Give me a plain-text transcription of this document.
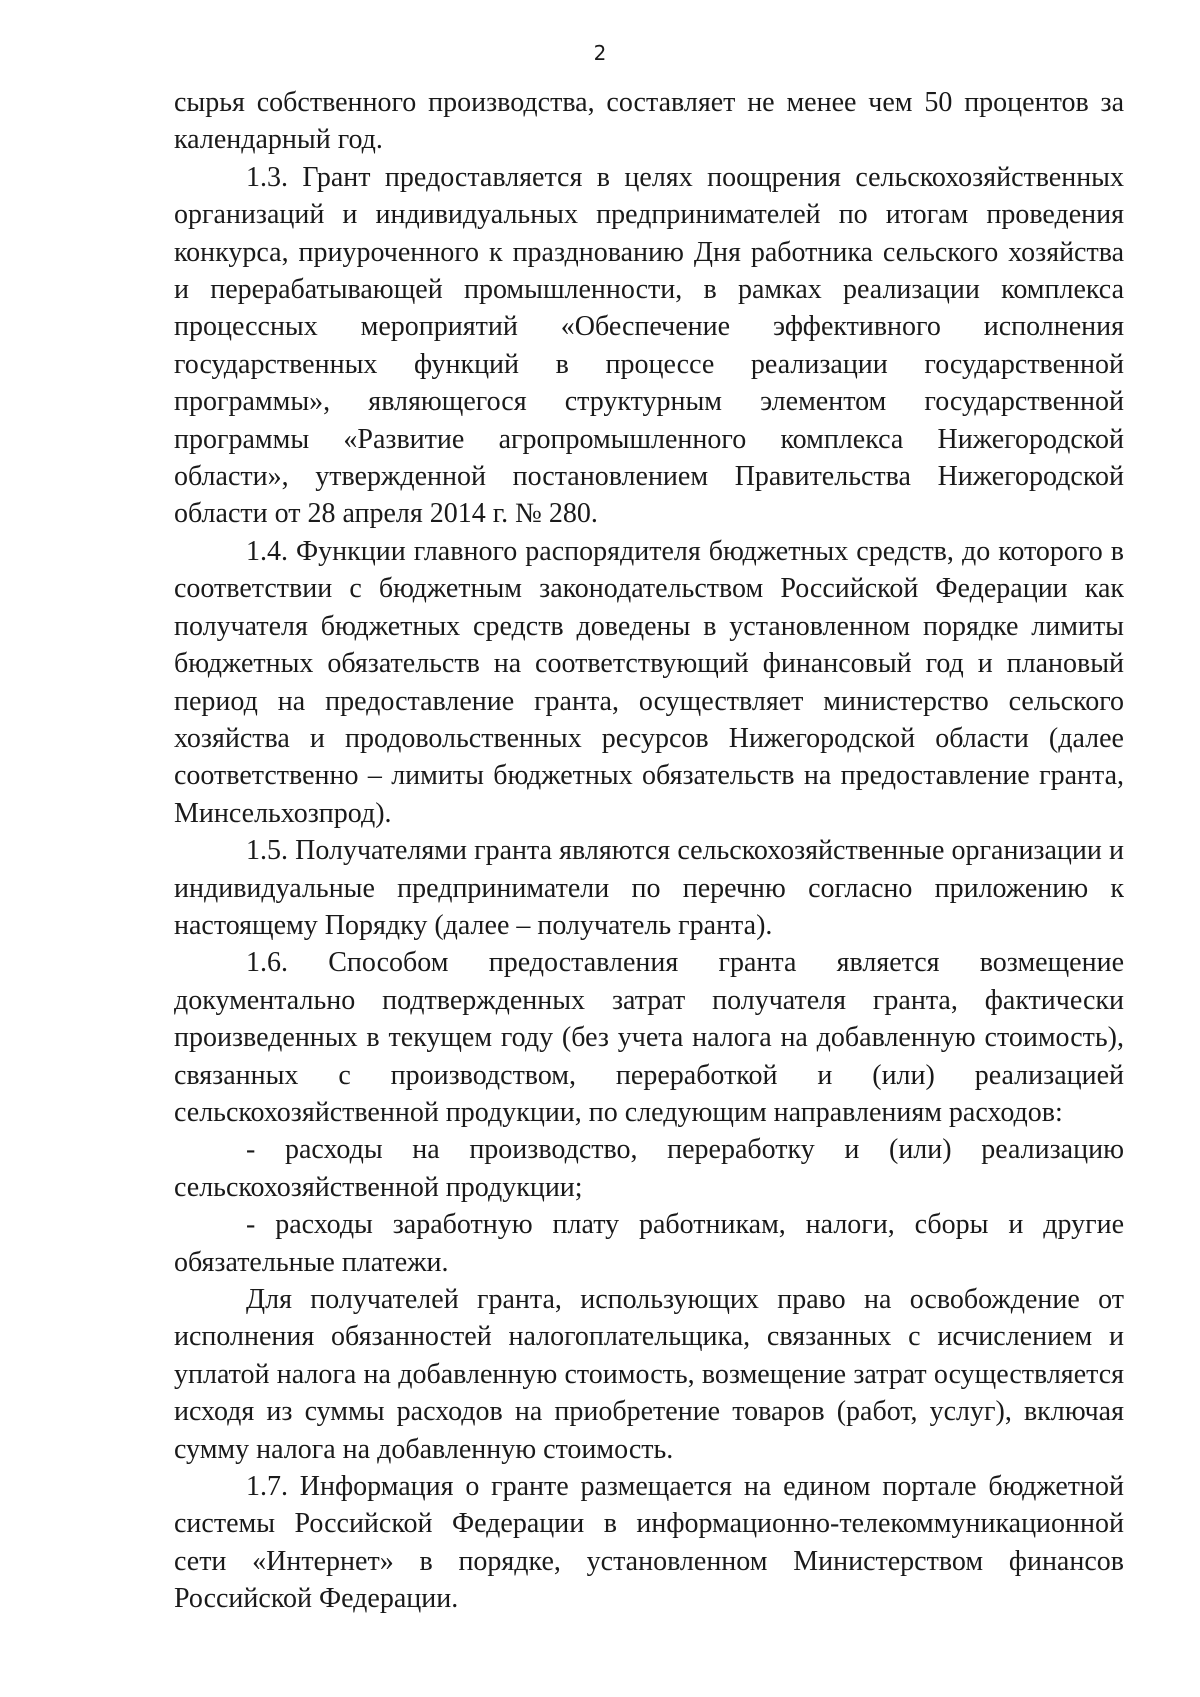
2

сырья собственного производства, составляет не менее чем 50 процентов за календарный год.

1.3. Грант предоставляется в целях поощрения сельскохозяйственных организаций и индивидуальных предпринимателей по итогам проведения конкурса, приуроченного к празднованию Дня работника сельского хозяйства и перерабатывающей промышленности, в рамках реализации комплекса процессных мероприятий «Обеспечение эффективного исполнения государственных функций в процессе реализации государственной программы», являющегося структурным элементом государственной программы «Развитие агропромышленного комплекса Нижегородской области», утвержденной постановлением Правительства Нижегородской области от 28 апреля 2014 г. № 280.

1.4. Функции главного распорядителя бюджетных средств, до которого в соответствии с бюджетным законодательством Российской Федерации как получателя бюджетных средств доведены в установленном порядке лимиты бюджетных обязательств на соответствующий финансовый год и плановый период на предоставление гранта, осуществляет министерство сельского хозяйства и продовольственных ресурсов Нижегородской области (далее соответственно – лимиты бюджетных обязательств на предоставление гранта, Минсельхозпрод).

1.5. Получателями гранта являются сельскохозяйственные организации и индивидуальные предприниматели по перечню согласно приложению к настоящему Порядку (далее – получатель гранта).

1.6. Способом предоставления гранта является возмещение документально подтвержденных затрат получателя гранта, фактически произведенных в текущем году (без учета налога на добавленную стоимость), связанных с производством, переработкой и (или) реализацией сельскохозяйственной продукции, по следующим направлениям расходов:

- расходы на производство, переработку и (или) реализацию сельскохозяйственной продукции;

- расходы заработную плату работникам, налоги, сборы и другие обязательные платежи.

Для получателей гранта, использующих право на освобождение от исполнения обязанностей налогоплательщика, связанных с исчислением и уплатой налога на добавленную стоимость, возмещение затрат осуществляется исходя из суммы расходов на приобретение товаров (работ, услуг), включая сумму налога на добавленную стоимость.

1.7. Информация о гранте размещается на едином портале бюджетной системы Российской Федерации в информационно-телекоммуникационной сети «Интернет» в порядке, установленном Министерством финансов Российской Федерации.
